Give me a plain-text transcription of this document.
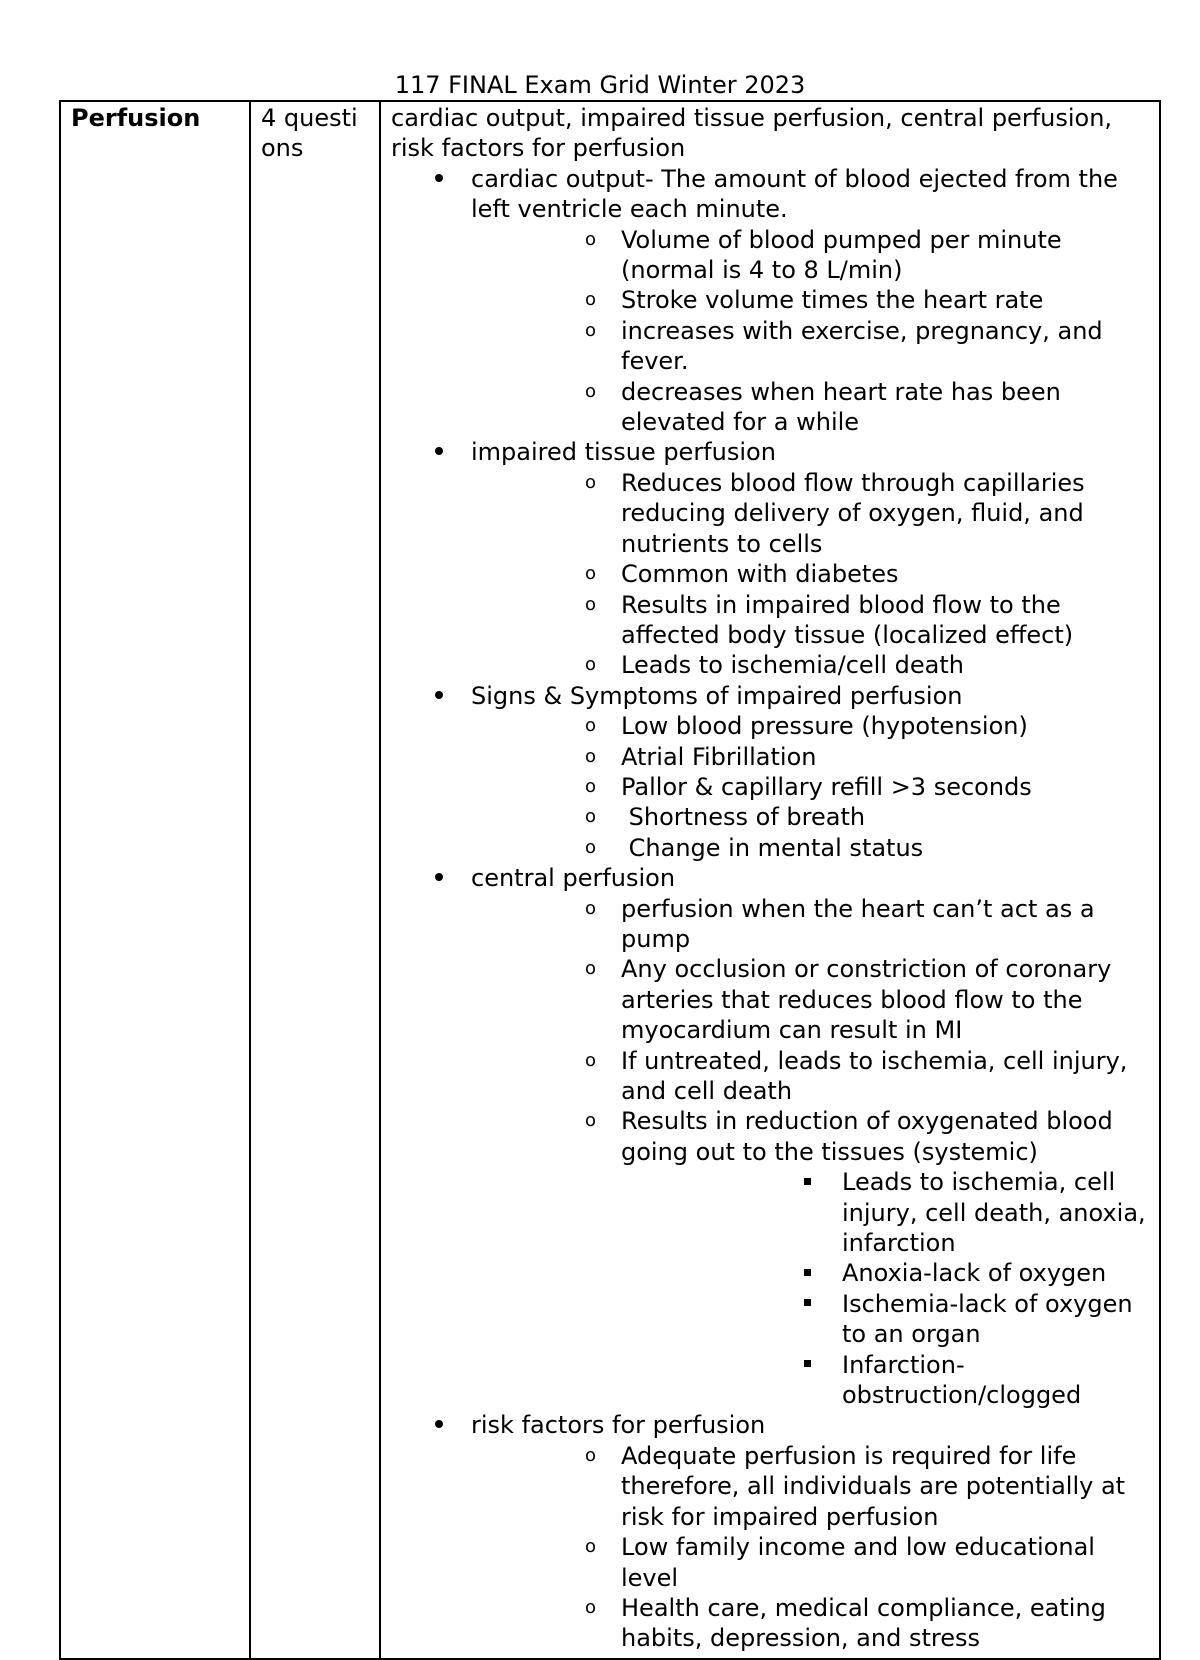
117 FINAL Exam Grid Winter 2023
Perfusion	4 questions	
cardiac output, impaired tissue perfusion, central perfusion, risk factors for perfusion
cardiac output- The amount of blood ejected from the left ventricle each minute.
o Volume of blood pumped per minute (normal is 4 to 8 L/min)
o Stroke volume times the heart rate
o increases with exercise, pregnancy, and fever.
o decreases when heart rate has been elevated for a while
impaired tissue perfusion
o Reduces blood flow through capillaries reducing delivery of oxygen, fluid, and nutrients to cells
o Common with diabetes
o Results in impaired blood flow to the affected body tissue (localized effect)
o Leads to ischemia/cell death
Signs & Symptoms of impaired perfusion
o Low blood pressure (hypotension)
o Atrial Fibrillation
o Pallor & capillary refill >3 seconds
o Shortness of breath
o Change in mental status
central perfusion
o perfusion when the heart can’t act as a pump
o Any occlusion or constriction of coronary arteries that reduces blood flow to the myocardium can result in MI
o If untreated, leads to ischemia, cell injury, and cell death
o Results in reduction of oxygenated blood going out to the tissues (systemic)
Leads to ischemia, cell injury, cell death, anoxia, infarction
Anoxia-lack of oxygen
Ischemia-lack of oxygen to an organ
Infarction-obstruction/clogged
risk factors for perfusion
o Adequate perfusion is required for life therefore, all individuals are potentially at risk for impaired perfusion
o Low family income and low educational level
o Health care, medical compliance, eating habits, depression, and stress
